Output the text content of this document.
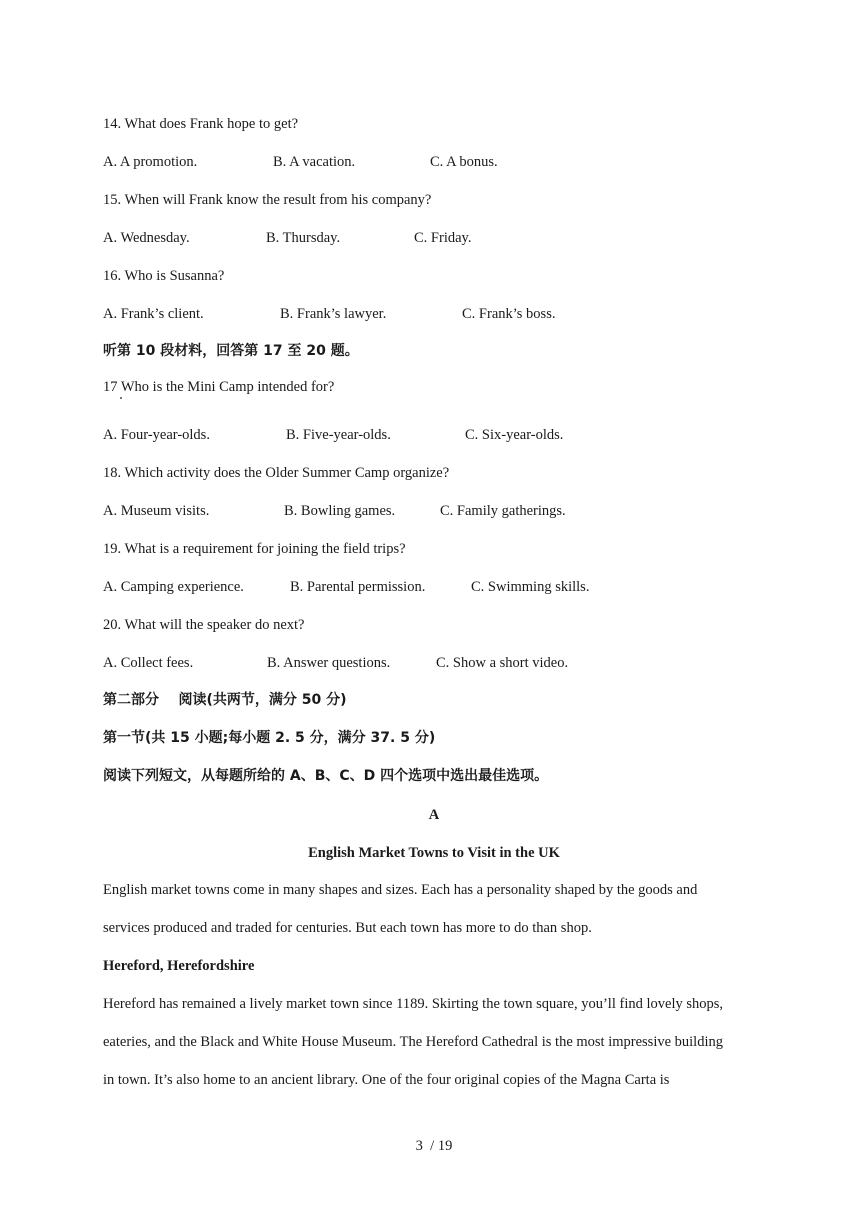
14. What does Frank hope to get?
A. A promotion.	B. A vacation.	C. A bonus.
15. When will Frank know the result from his company?
A. Wednesday.	B. Thursday.	C. Friday.
16. Who is Susanna?
A. Frank’s client.	B. Frank’s lawyer.	C. Frank’s boss.
听第 10 段材料，回答第 17 至 20 题。
17 Who is the Mini Camp intended for?
A. Four-year-olds.	B. Five-year-olds.	C. Six-year-olds.
18. Which activity does the Older Summer Camp organize?
A. Museum visits.	B. Bowling games.	C. Family gatherings.
19. What is a requirement for joining the field trips?
A. Camping experience.	B. Parental permission.	C. Swimming skills.
20. What will the speaker do next?
A. Collect fees.	B. Answer questions.	C. Show a short video.
第二部分    阅读(共两节，满分 50 分)
第一节(共 15 小题;每小题 2. 5 分，满分 37. 5 分)
阅读下列短文，从每题所给的 A、B、C、D 四个选项中选出最佳选项。
A
English Market Towns to Visit in the UK
English market towns come in many shapes and sizes. Each has a personality shaped by the goods and
services produced and traded for centuries. But each town has more to do than shop.
Hereford, Herefordshire
Hereford has remained a lively market town since 1189. Skirting the town square, you’ll find lovely shops,
eateries, and the Black and White House Museum. The Hereford Cathedral is the most impressive building
in town. It’s also home to an ancient library. One of the four original copies of the Magna Carta is
3  / 19
